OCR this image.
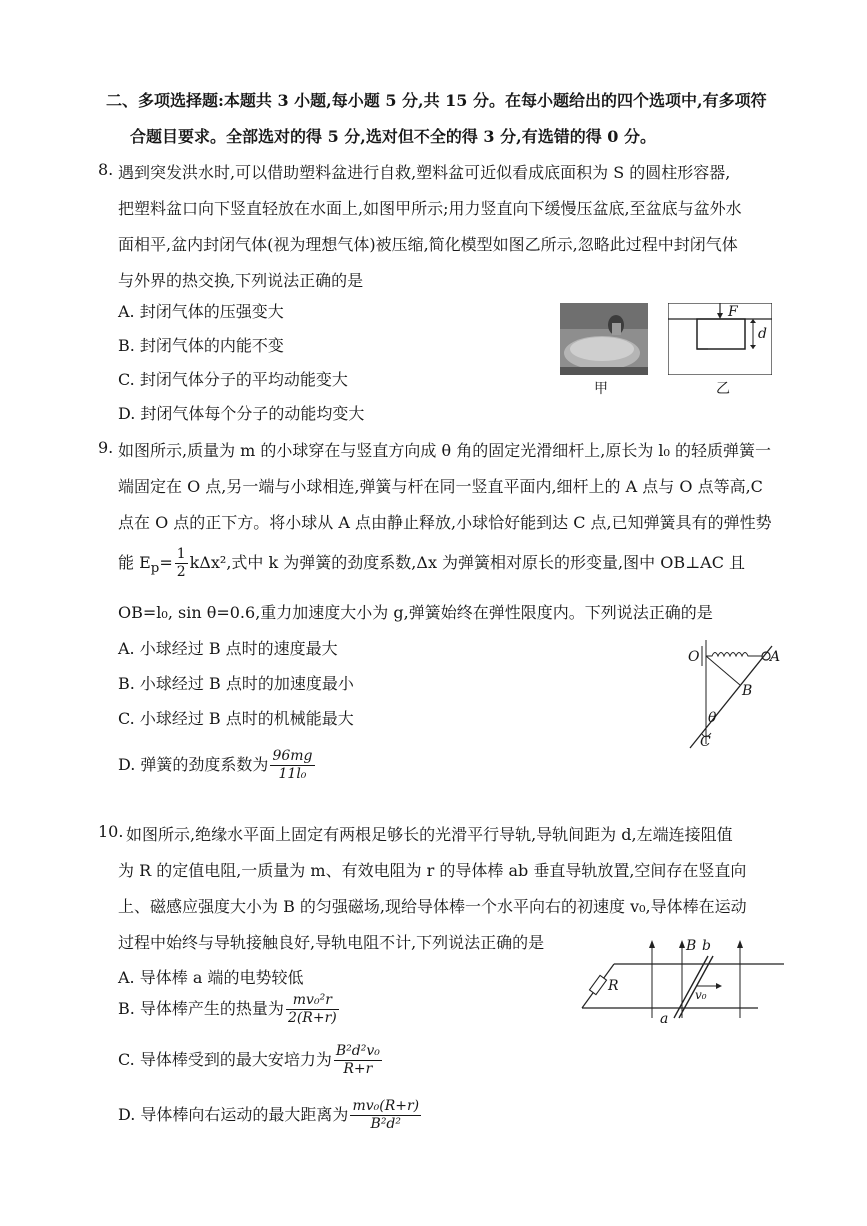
二、多项选择题:本题共 3 小题,每小题 5 分,共 15 分。在每小题给出的四个选项中,有多项符
合题目要求。全部选对的得 5 分,选对但不全的得 3 分,有选错的得 0 分。
8. 遇到突发洪水时,可以借助塑料盆进行自救,塑料盆可近似看成底面积为 S 的圆柱形容器,
把塑料盆口向下竖直轻放在水面上,如图甲所示;用力竖直向下缓慢压盆底,至盆底与盆外水
面相平,盆内封闭气体(视为理想气体)被压缩,简化模型如图乙所示,忽略此过程中封闭气体
与外界的热交换,下列说法正确的是
A. 封闭气体的压强变大
B. 封闭气体的内能不变
C. 封闭气体分子的平均动能变大
D. 封闭气体每个分子的动能均变大
甲
F
d
乙
9. 如图所示,质量为 m 的小球穿在与竖直方向成 θ 角的固定光滑细杆上,原长为 l₀ 的轻质弹簧一
端固定在 O 点,另一端与小球相连,弹簧与杆在同一竖直平面内,细杆上的 A 点与 O 点等高,C
点在 O 点的正下方。将小球从 A 点由静止释放,小球恰好能到达 C 点,已知弹簧具有的弹性势
能 $E_p= \frac{1}{2} k\Delta x^2$,式中 k 为弹簧的劲度系数,Δx 为弹簧相对原长的形变量,图中 OB⊥AC 且
OB=l₀, sin θ=0.6,重力加速度大小为 g,弹簧始终在弹性限度内。下列说法正确的是
A. 小球经过 B 点时的速度最大
B. 小球经过 B 点时的加速度最小
C. 小球经过 B 点时的机械能最大
D. 弹簧的劲度系数为 $\frac{96mg}{\text{11l₀}}$
O	A
B
C
θ
10. 如图所示,绝缘水平面上固定有两根足够长的光滑平行导轨,导轨间距为 d,左端连接阻值
为 R 的定值电阻,一质量为 m、有效电阻为 r 的导体棒 ab 垂直导轨放置,空间存在竖直向
上、磁感应强度大小为 B 的匀强磁场,现给导体棒一个水平向右的初速度 v₀,导体棒在运动
过程中始终与导轨接触良好,导轨电阻不计,下列说法正确的是
A. 导体棒 a 端的电势较低
B. 导体棒产生的热量为 $\frac{\text{mv₀²r}}{2(R+r)}$
C. 导体棒受到的最大安培力为 $\frac{\text{B²d²v₀}}{R+r}$
D. 导体棒向右运动的最大距离为 $\frac{\text{mv₀(R+r)}}{\text{B²d²}}$
B b
a
R
v₀
